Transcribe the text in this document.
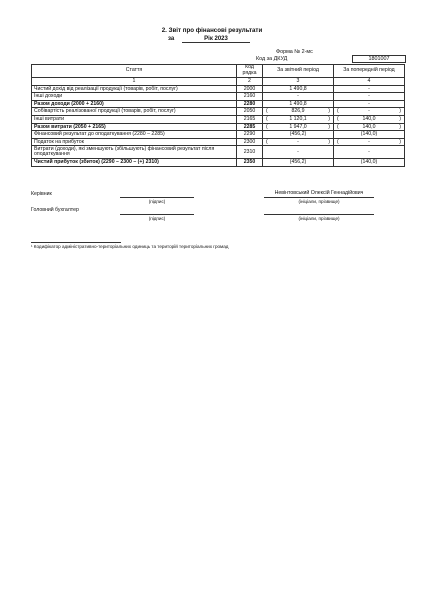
2. Звіт про фінансові результати
за	Рік 2023
Форма № 2-мс
Код за ДКУД	1801007
Стаття	Код рядка	За звітний період	За попередній період
1	2	3	4
Чистий дохід від реалізації продукції (товарів, робіт, послуг)	2000	1 490,8	-
Інші доходи	2160	-	-
Разом доходи (2000 + 2160)	2280	1 490,8	-
Собівартість реалізованої продукції (товарів, робіт, послуг)	2050	( 826,9 )	( - )

Інші витрати	2165	( 1 120,1 )	( 140,0 )

Разом витрати (2050 + 2165)	2285	( 1 947,0 )	( 140,0 )

Фінансовий результат до оподаткування (2280 – 2285)	2290	(456,2)	(140,0)
Податок на прибуток	2300	( - )	( - )

Витрати (доходи), які зменшують (збільшують) фінансовий результат після оподаткування	2310	-	-
Чистий прибуток (збиток) (2290 – 2300 – (+) 2310)	2350	(456,2)	(140,0)
Керівник	Невінтовський Олексій Геннадійович
(підпис)	(ініціали, прізвище)
Головний бухгалтер
(підпис)	(ініціали, прізвище)
¹ Кодифікатор адміністративно-територіальних одиниць та територій територіальних громад
